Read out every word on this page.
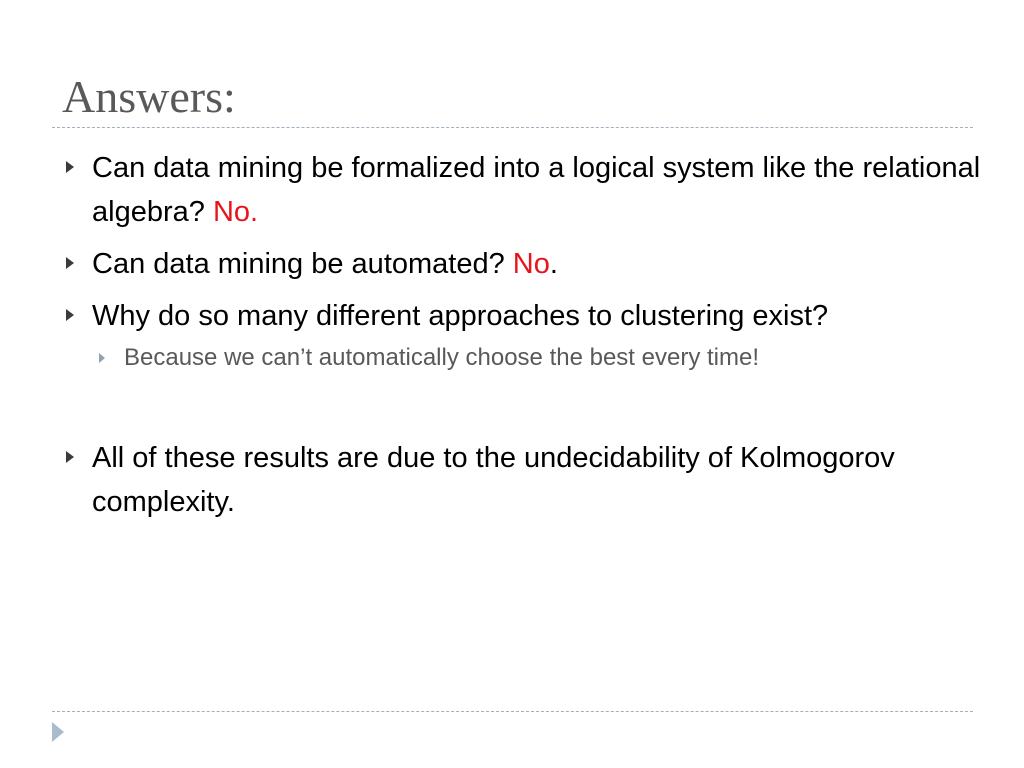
Answers:
Can data mining be formalized into a logical system like the relational algebra? No.
Can data mining be automated? No.
Why do so many different approaches to clustering exist?
Because we can’t automatically choose the best every time!
All of these results are due to the undecidability of Kolmogorov complexity.
